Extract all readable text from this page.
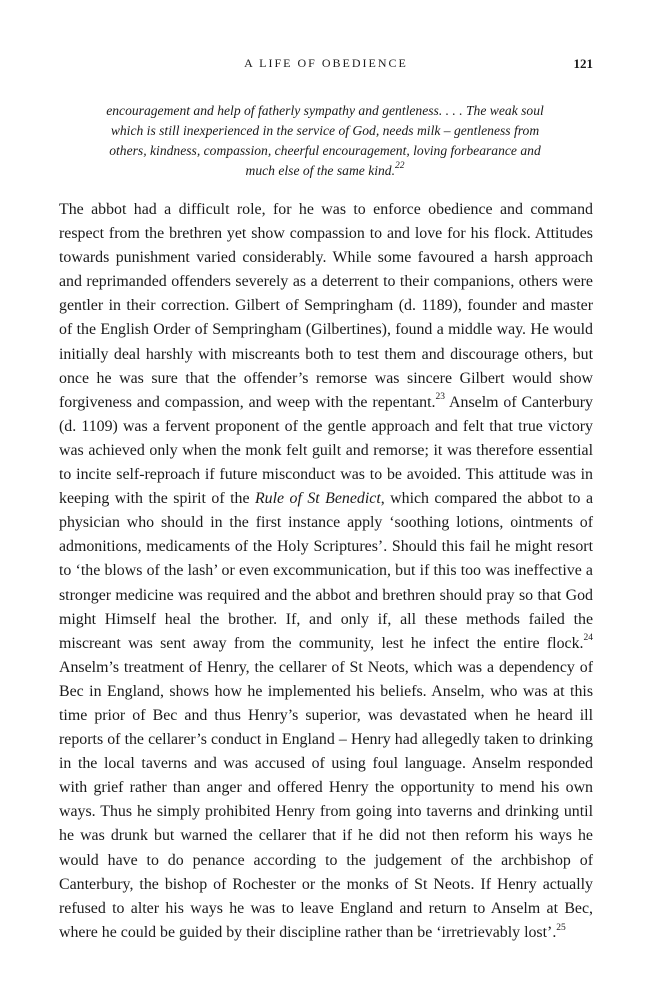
A LIFE OF OBEDIENCE	121

encouragement and help of fatherly sympathy and gentleness. . . . The weak soul which is still inexperienced in the service of God, needs milk – gentleness from others, kindness, compassion, cheerful encouragement, loving forbearance and much else of the same kind.$^{22}$

The abbot had a difficult role, for he was to enforce obedience and command respect from the brethren yet show compassion to and love for his flock. Attitudes towards punishment varied considerably. While some favoured a harsh approach and reprimanded offenders severely as a deterrent to their companions, others were gentler in their correction. Gilbert of Sempringham (d. 1189), founder and master of the English Order of Sempringham (Gilbertines), found a middle way. He would initially deal harshly with miscreants both to test them and discourage others, but once he was sure that the offender’s remorse was sincere Gilbert would show forgiveness and compassion, and weep with the repentant.$^{23}$ Anselm of Canterbury (d. 1109) was a fervent proponent of the gentle approach and felt that true victory was achieved only when the monk felt guilt and remorse; it was therefore essential to incite self-reproach if future misconduct was to be avoided. This attitude was in keeping with the spirit of the Rule of St Benedict, which compared the abbot to a physician who should in the first instance apply ‘soothing lotions, ointments of admonitions, medicaments of the Holy Scriptures’. Should this fail he might resort to ‘the blows of the lash’ or even excommunication, but if this too was ineffective a stronger medicine was required and the abbot and brethren should pray so that God might Himself heal the brother. If, and only if, all these methods failed the miscreant was sent away from the community, lest he infect the entire flock.$^{24}$ Anselm’s treatment of Henry, the cellarer of St Neots, which was a dependency of Bec in England, shows how he implemented his beliefs. Anselm, who was at this time prior of Bec and thus Henry’s superior, was devastated when he heard ill reports of the cellarer’s conduct in England – Henry had allegedly taken to drinking in the local taverns and was accused of using foul language. Anselm responded with grief rather than anger and offered Henry the opportunity to mend his own ways. Thus he simply prohibited Henry from going into taverns and drinking until he was drunk but warned the cellarer that if he did not then reform his ways he would have to do penance according to the judgement of the archbishop of Canterbury, the bishop of Rochester or the monks of St Neots. If Henry actually refused to alter his ways he was to leave England and return to Anselm at Bec, where he could be guided by their discipline rather than be ‘irretrievably lost’.$^{25}$
